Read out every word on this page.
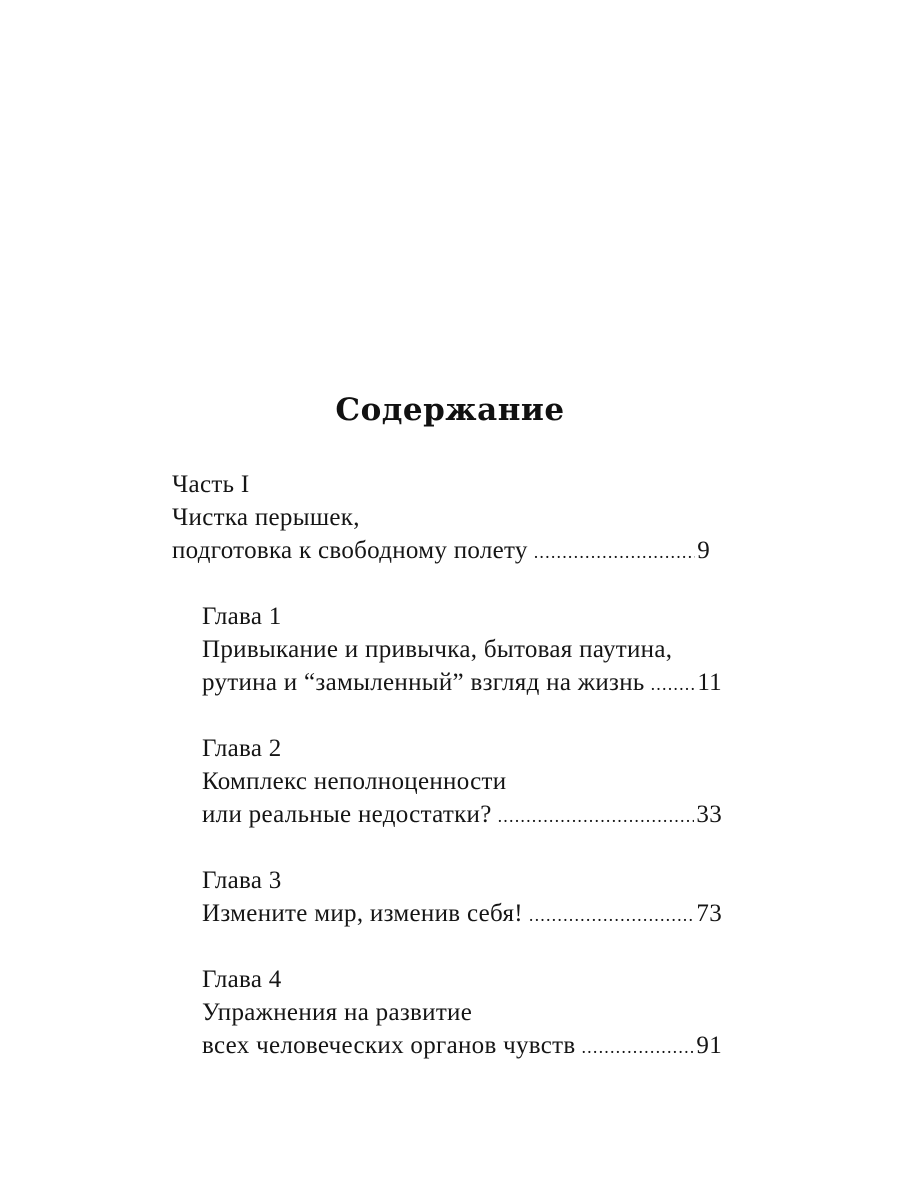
Содержание
Часть I
Чистка перышек,
подготовка к свободному полету .....	9
Глава 1
Привыкание и привычка, бытовая паутина,
рутина и “замыленный” взгляд на жизнь ..... 11
Глава 2
Комплекс неполноценности
или реальные недостатки? .....	33
Глава 3
Измените мир, изменив себя! .....	73
Глава 4
Упражнения на развитие
всех человеческих органов чувств .....	91
